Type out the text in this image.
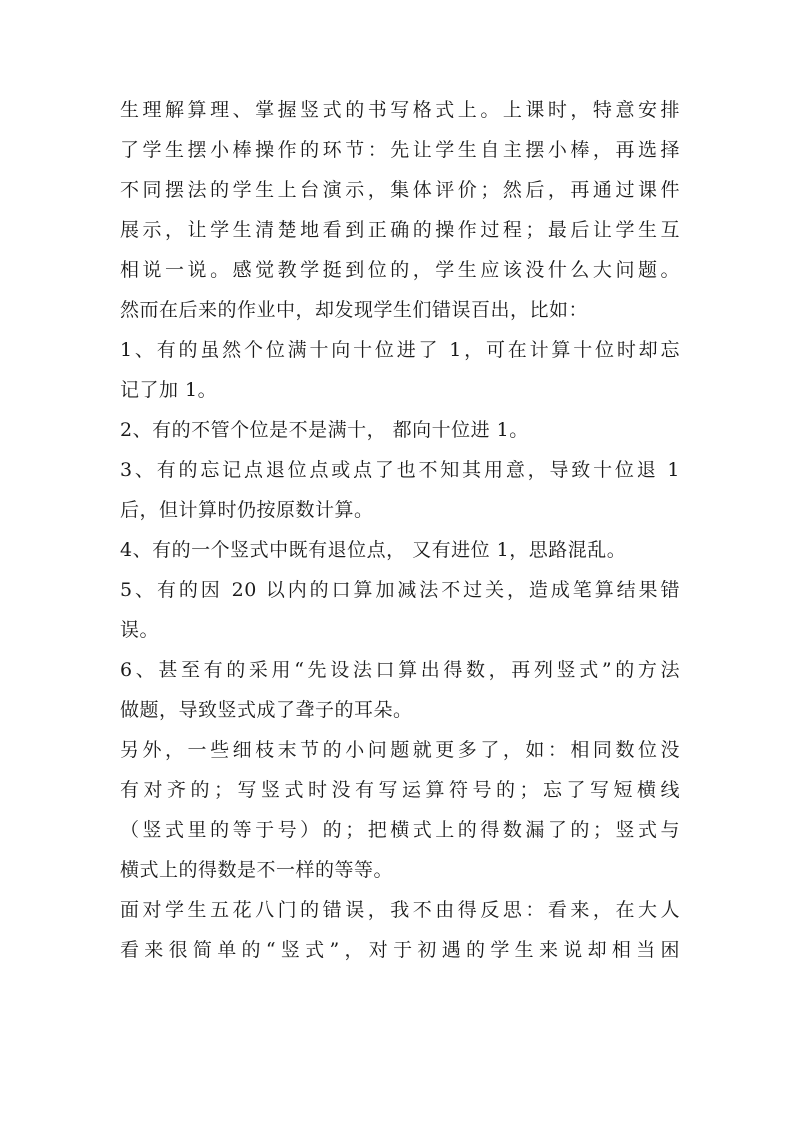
生理解算理、掌握竖式的书写格式上。上课时，特意安排
了学生摆小棒操作的环节：先让学生自主摆小棒，再选择
不同摆法的学生上台演示，集体评价；然后，再通过课件
展示，让学生清楚地看到正确的操作过程；最后让学生互
相说一说。感觉教学挺到位的，学生应该没什么大问题。
然而在后来的作业中，却发现学生们错误百出，比如：
1、有的虽然个位满十向十位进了 1，可在计算十位时却忘
记了加 1。
2、有的不管个位是不是满十， 都向十位进 1。
3、有的忘记点退位点或点了也不知其用意，导致十位退 1
后，但计算时仍按原数计算。
4、有的一个竖式中既有退位点， 又有进位 1，思路混乱。
5、有的因 20 以内的口算加减法不过关，造成笔算结果错
误。
6、甚至有的采用“先设法口算出得数，再列竖式”的方法
做题，导致竖式成了聋子的耳朵。
另外，一些细枝末节的小问题就更多了，如：相同数位没
有对齐的；写竖式时没有写运算符号的；忘了写短横线
（竖式里的等于号）的；把横式上的得数漏了的；竖式与
横式上的得数是不一样的等等。
面对学生五花八门的错误，我不由得反思：看来，在大人
看来很简单的“竖式”，对于初遇的学生来说却相当困
